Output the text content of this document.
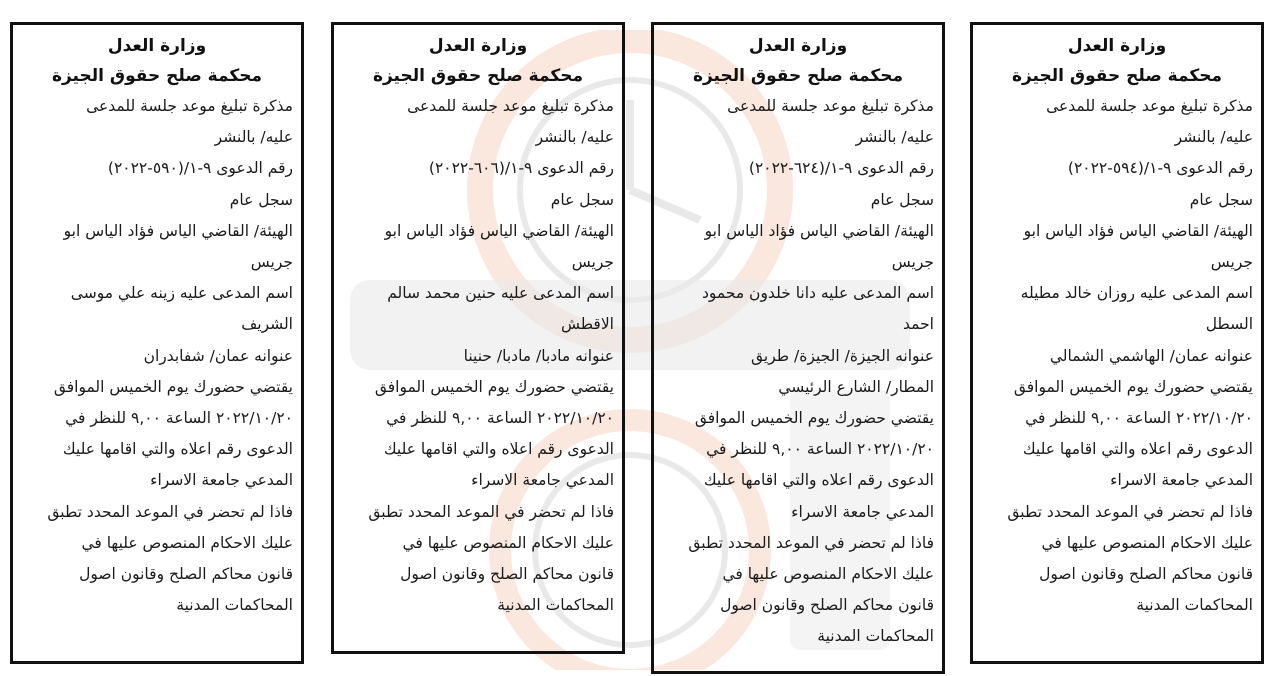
وزارة العدل
محكمة صلح حقوق الجيزة
مذكرة تبليغ موعد جلسة للمدعى
عليه/ بالنشر
رقم الدعوى ٩-١/(٥٩٤-٢٠٢٢)
سجل عام
الهيئة/ القاضي الياس فؤاد الياس ابو
جريس
اسم المدعى عليه روزان خالد مطيله
السطل
عنوانه عمان/ الهاشمي الشمالي
يقتضي حضورك يوم الخميس الموافق
٢٠٢٢/١٠/٢٠ الساعة ٩,٠٠ للنظر في
الدعوى رقم اعلاه والتي اقامها عليك
المدعي جامعة الاسراء
فاذا لم تحضر في الموعد المحدد تطبق
عليك الاحكام المنصوص عليها في
قانون محاكم الصلح وقانون اصول
المحاكمات المدنية
وزارة العدل
محكمة صلح حقوق الجيزة
مذكرة تبليغ موعد جلسة للمدعى
عليه/ بالنشر
رقم الدعوى ٩-١/(٦٢٤-٢٠٢٢)
سجل عام
الهيئة/ القاضي الياس فؤاد الياس ابو
جريس
اسم المدعى عليه دانا خلدون محمود
احمد
عنوانه الجيزة/ الجيزة/ طريق
المطار/ الشارع الرئيسي
يقتضي حضورك يوم الخميس الموافق
٢٠٢٢/١٠/٢٠ الساعة ٩,٠٠ للنظر في
الدعوى رقم اعلاه والتي اقامها عليك
المدعي جامعة الاسراء
فاذا لم تحضر في الموعد المحدد تطبق
عليك الاحكام المنصوص عليها في
قانون محاكم الصلح وقانون اصول
المحاكمات المدنية
وزارة العدل
محكمة صلح حقوق الجيزة
مذكرة تبليغ موعد جلسة للمدعى
عليه/ بالنشر
رقم الدعوى ٩-١/(٦٠٦-٢٠٢٢)
سجل عام
الهيئة/ القاضي الياس فؤاد الياس ابو
جريس
اسم المدعى عليه حنين محمد سالم
الاقطش
عنوانه مادبا/ مادبا/ حنينا
يقتضي حضورك يوم الخميس الموافق
٢٠٢٢/١٠/٢٠ الساعة ٩,٠٠ للنظر في
الدعوى رقم اعلاه والتي اقامها عليك
المدعي جامعة الاسراء
فاذا لم تحضر في الموعد المحدد تطبق
عليك الاحكام المنصوص عليها في
قانون محاكم الصلح وقانون اصول
المحاكمات المدنية
وزارة العدل
محكمة صلح حقوق الجيزة
مذكرة تبليغ موعد جلسة للمدعى
عليه/ بالنشر
رقم الدعوى ٩-١/(٥٩٠-٢٠٢٢)
سجل عام
الهيئة/ القاضي الياس فؤاد الياس ابو
جريس
اسم المدعى عليه زينه علي موسى
الشريف
عنوانه عمان/ شفابدران
يقتضي حضورك يوم الخميس الموافق
٢٠٢٢/١٠/٢٠ الساعة ٩,٠٠ للنظر في
الدعوى رقم اعلاه والتي اقامها عليك
المدعي جامعة الاسراء
فاذا لم تحضر في الموعد المحدد تطبق
عليك الاحكام المنصوص عليها في
قانون محاكم الصلح وقانون اصول
المحاكمات المدنية
